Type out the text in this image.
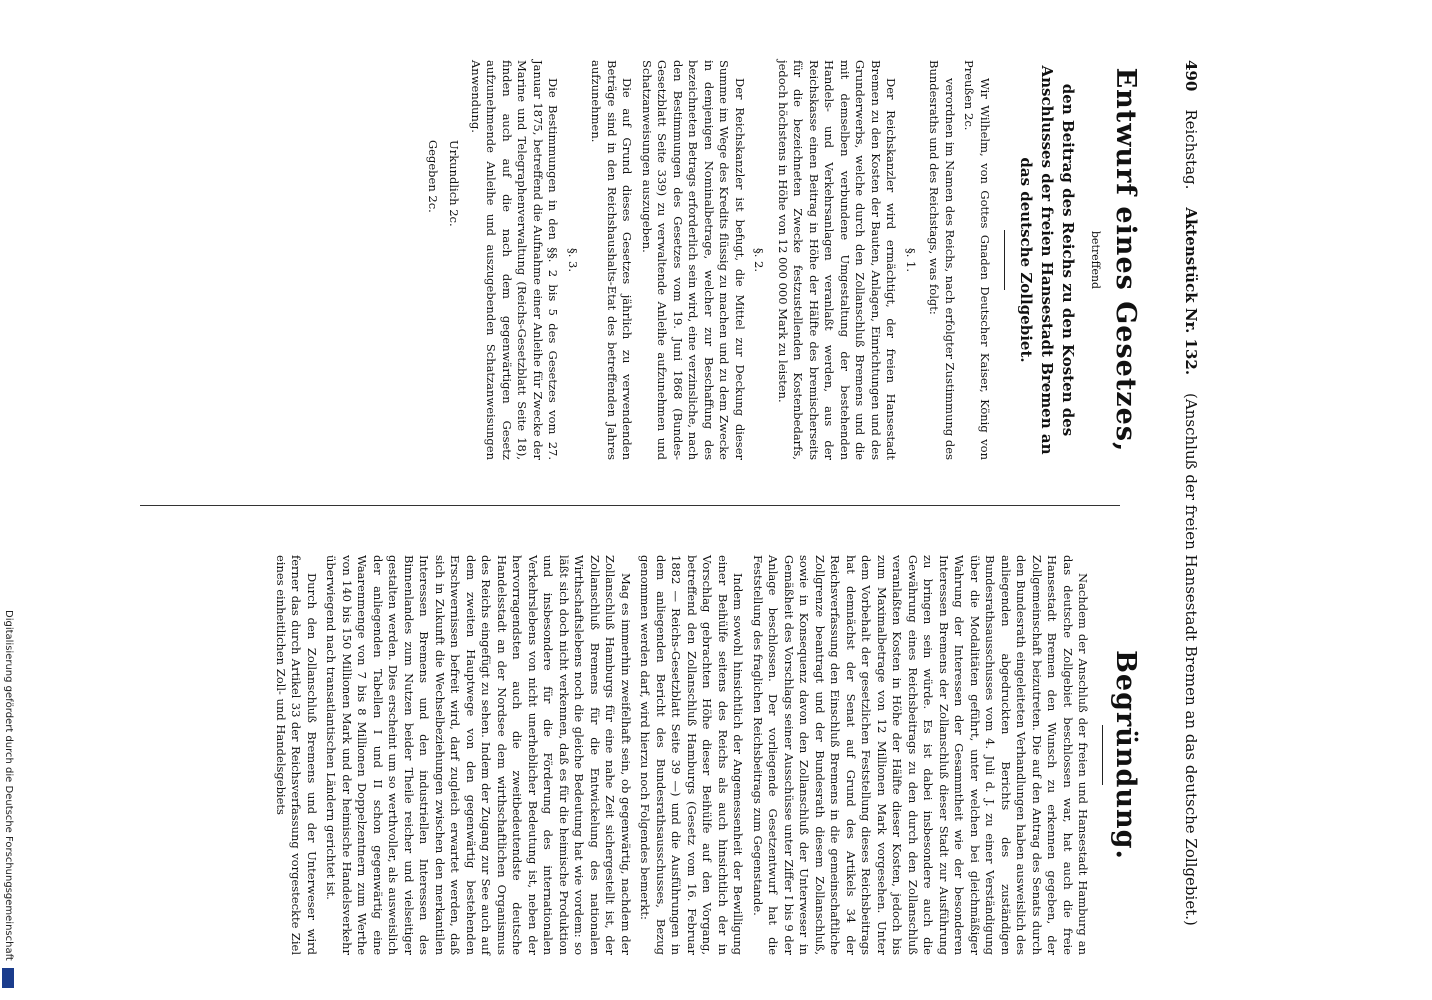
Digitalisierung gefördert durch die Deutsche Forschungsgemeinschaft
490
Reichstag.
Aktenstück Nr. 132.
(Anschluß der freien Hansestadt Bremen an das deutsche Zollgebiet.)
Entwurf eines Gesetzes,
betreffend
den Beitrag des Reichs zu den Kosten des Anschlusses der freien Hansestadt Bremen an das deutsche Zollgebiet.

Wir Wilhelm, von Gottes Gnaden Deutscher Kaiser, König von Preußen 2c.

verordnen im Namen des Reichs, nach erfolgter Zustimmung des Bundesraths und des Reichstags, was folgt:

§. 1.

Der Reichskanzler wird ermächtigt, der freien Hansestadt Bremen zu den Kosten der Bauten, Anlagen, Einrichtungen und des Grunderwerbs, welche durch den Zollanschluß Bremens und die mit demselben verbundene Umgestaltung der bestehenden Handels- und Verkehrsanlagen veranlaßt werden, aus der Reichskasse einen Beitrag in Höhe der Hälfte des bremischerseits für die bezeichneten Zwecke festzustellenden Kostenbedarfs, jedoch höchstens in Höhe von 12 000 000 Mark zu leisten.

§. 2.

Der Reichskanzler ist befugt, die Mittel zur Deckung dieser Summe im Wege des Kredits flüssig zu machen und zu dem Zwecke in demjenigen Nominalbetrage, welcher zur Beschaffung des bezeichneten Betrags erforderlich sein wird, eine verzinsliche, nach den Bestimmungen des Gesetzes vom 19. Juni 1868 (Bundes-Gesetzblatt Seite 339) zu verwaltende Anleihe aufzunehmen und Schatzanweisungen auszugeben.

Die auf Grund dieses Gesetzes jährlich zu verwendenden Beträge sind in den Reichshaushalts-Etat des betreffenden Jahres aufzunehmen.

§. 3.

Die Bestimmungen in den §§. 2 bis 5 des Gesetzes vom 27. Januar 1875, betreffend die Aufnahme einer Anleihe für Zwecke der Marine und Telegraphenverwaltung (Reichs-Gesetzblatt Seite 18), finden auch auf die nach dem gegenwärtigen Gesetz aufzunehmende Anleihe und auszugebenden Schatzanweisungen Anwendung.

Urkundlich 2c.

Gegeben 2c.

Begründung.

Nachdem der Anschluß der freien und Hansestadt Hamburg an das deutsche Zollgebiet beschlossen war, hat auch die freie Hansestadt Bremen den Wunsch zu erkennen gegeben, der Zollgemeinschaft beizutreten. Die auf den Antrag des Senats durch den Bundesrath eingeleiteten Verhandlungen haben ausweislich des anliegenden abgedruckten Berichts des zuständigen Bundesrathsausschusses vom 4. Juli d. J. zu einer Verständigung über die Modalitäten geführt, unter welchen bei gleichmäßiger Wahrung der Interessen der Gesammtheit wie der besonderen Interessen Bremens der Zollanschluß dieser Stadt zur Ausführung zu bringen sein würde. Es ist dabei insbesondere auch die Gewährung eines Reichsbeitrags zu den durch den Zollanschluß veranlaßten Kosten in Höhe der Hälfte dieser Kosten, jedoch bis zum Maximalbetrage von 12 Millionen Mark vorgesehen. Unter dem Vorbehalt der gesetzlichen Feststellung dieses Reichsbeitrags hat demnächst der Senat auf Grund des Artikels 34 der Reichsverfassung den Einschluß Bremens in die gemeinschaftliche Zollgrenze beantragt und der Bundesrath diesem Zollanschluß, sowie in Konsequenz davon den Zollanschluß der Unterweser in Gemäßheit des Vorschlags seiner Ausschüsse unter Ziffer I bis 9 der Anlage beschlossen. Der vorliegende Gesetzentwurf hat die Feststellung des fraglichen Reichsbeitrags zum Gegenstande.

Indem sowohl hinsichtlich der Angemessenheit der Bewilligung einer Beihülfe seitens des Reichs als auch hinsichtlich der in Vorschlag gebrachten Höhe dieser Beihülfe auf den Vorgang, betreffend den Zollanschluß Hamburgs (Gesetz vom 16. Februar 1882 — Reichs-Gesetzblatt Seite 39 —) und die Ausführungen in dem anliegenden Bericht des Bundesrathsausschusses, Bezug genommen werden darf, wird hierzu noch Folgendes bemerkt:

Mag es immerhin zweifelhaft sein, ob gegenwärtig, nachdem der Zollanschluß Hamburgs für eine nahe Zeit sichergestellt ist, der Zollanschluß Bremens für die Entwickelung des nationalen Wirthschaftslebens noch die gleiche Bedeutung hat wie vordem: so läßt sich doch nicht verkennen, daß es für die heimische Produktion und insbesondere für die Förderung des internationalen Verkehrslebens von nicht unerheblicher Bedeutung ist, neben der hervorragendsten auch die zweitbedeutendste deutsche Handelsstadt an der Nordsee dem wirthschaftlichen Organismus des Reichs eingefügt zu sehen. Indem der Zugang zur See auch auf dem zweiten Hauptwege von den gegenwärtig bestehenden Erschwernissen befreit wird, darf zugleich erwartet werden, daß sich in Zukunft die Wechselbeziehungen zwischen den merkantilen Interessen Bremens und den industriellen Interessen des Binnenlandes zum Nutzen beider Theile reicher und vielseitiger gestalten werden. Dies erscheint um so werthvoller, als ausweislich der anliegenden Tabellen I und II schon gegenwärtig eine Waarenmenge von 7 bis 8 Millionen Doppelzentnern zum Werthe von 140 bis 150 Millionen Mark und der heimische Handelsverkehr überwiegend nach transatlantischen Ländern gerichtet ist.

Durch den Zollanschluß Bremens und der Unterweser wird ferner das durch Artikel 33 der Reichsverfassung vorgesteckte Ziel eines einheitlichen Zoll- und Handelsgebiets
